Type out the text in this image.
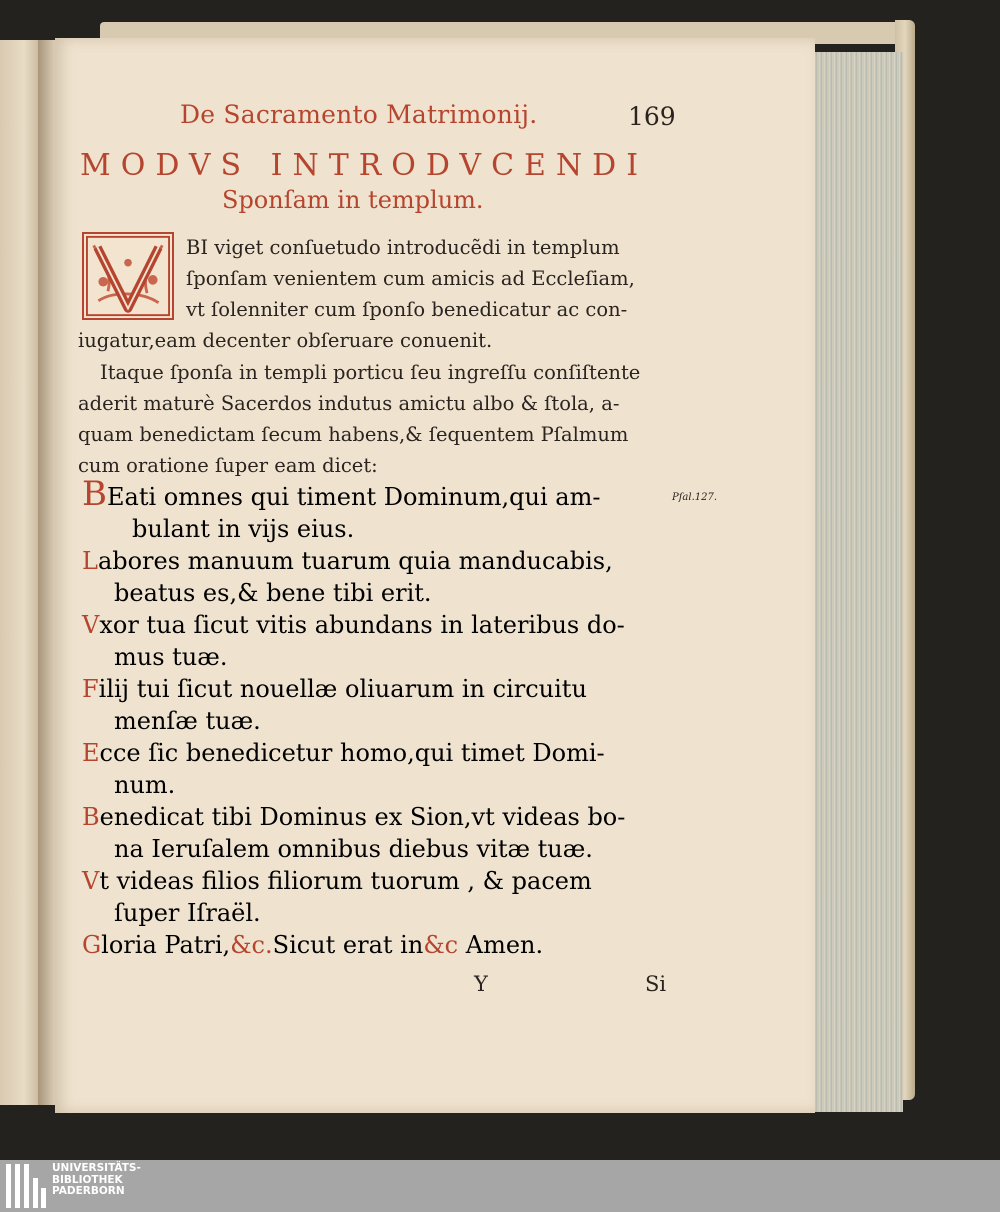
De Sacramento Matrimonij.	169
MODVS INTRODVCENDI
Sponſam in templum.
BI viget conſuetudo introducẽdi in templum
ſponſam venientem cum amicis ad Eccleſiam,
vt ſolenniter cum ſponſo benedicatur ac con-
iugatur,eam decenter obſeruare conuenit.
Itaque ſponſa in templi porticu ſeu ingreſſu conſiſtente
aderit maturè Sacerdos indutus amictu albo & ſtola, a-
quam benedictam ſecum habens,& ſequentem Pſalmum
cum oratione ſuper eam dicet:
Pſal.127.
BEati omnes qui timent Dominum,qui am-
bulant in vijs eius.
Labores manuum tuarum quia manducabis,
beatus es,& bene tibi erit.
Vxor tua ſicut vitis abundans in lateribus do-
mus tuæ.
Filij tui ſicut nouellæ oliuarum in circuitu
menſæ tuæ.
Ecce ſic benedicetur homo,qui timet Domi-
num.
Benedicat tibi Dominus ex Sion,vt videas bo-
na Ieruſalem omnibus diebus vitæ tuæ.
Vt videas filios filiorum tuorum , & pacem
ſuper Iſraël.
Gloria Patri,&c.Sicut erat in&c Amen.
Y	Si
UNIVERSITÄTS-
BIBLIOTHEK
PADERBORN
